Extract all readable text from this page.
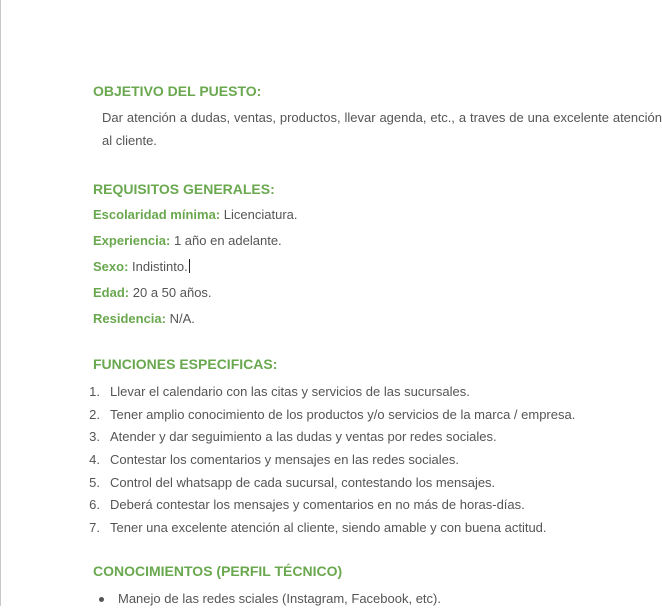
OBJETIVO DEL PUESTO:

Dar atención a dudas, ventas, productos, llevar agenda, etc., a traves de una excelente atención al cliente.

REQUISITOS GENERALES:

Escolaridad mínima: Licenciatura.

Experiencia: 1 año en adelante.

Sexo: Indistinto.

Edad: 20 a 50 años.

Residencia: N/A.

FUNCIONES ESPECIFICAS:
1. Llevar el calendario con las citas y servicios de las sucursales.
2. Tener amplio conocimiento de los productos y/o servicios de la marca / empresa.
3. Atender y dar seguimiento a las dudas y ventas por redes sociales.
4. Contestar los comentarios y mensajes en las redes sociales.
5. Control del whatsapp de cada sucursal, contestando los mensajes.
6. Deberá contestar los mensajes y comentarios en no más de horas-días.
7. Tener una excelente atención al cliente, siendo amable y con buena actitud.
CONOCIMIENTOS (PERFIL TÉCNICO)
Manejo de las redes sciales (Instagram, Facebook, etc).
